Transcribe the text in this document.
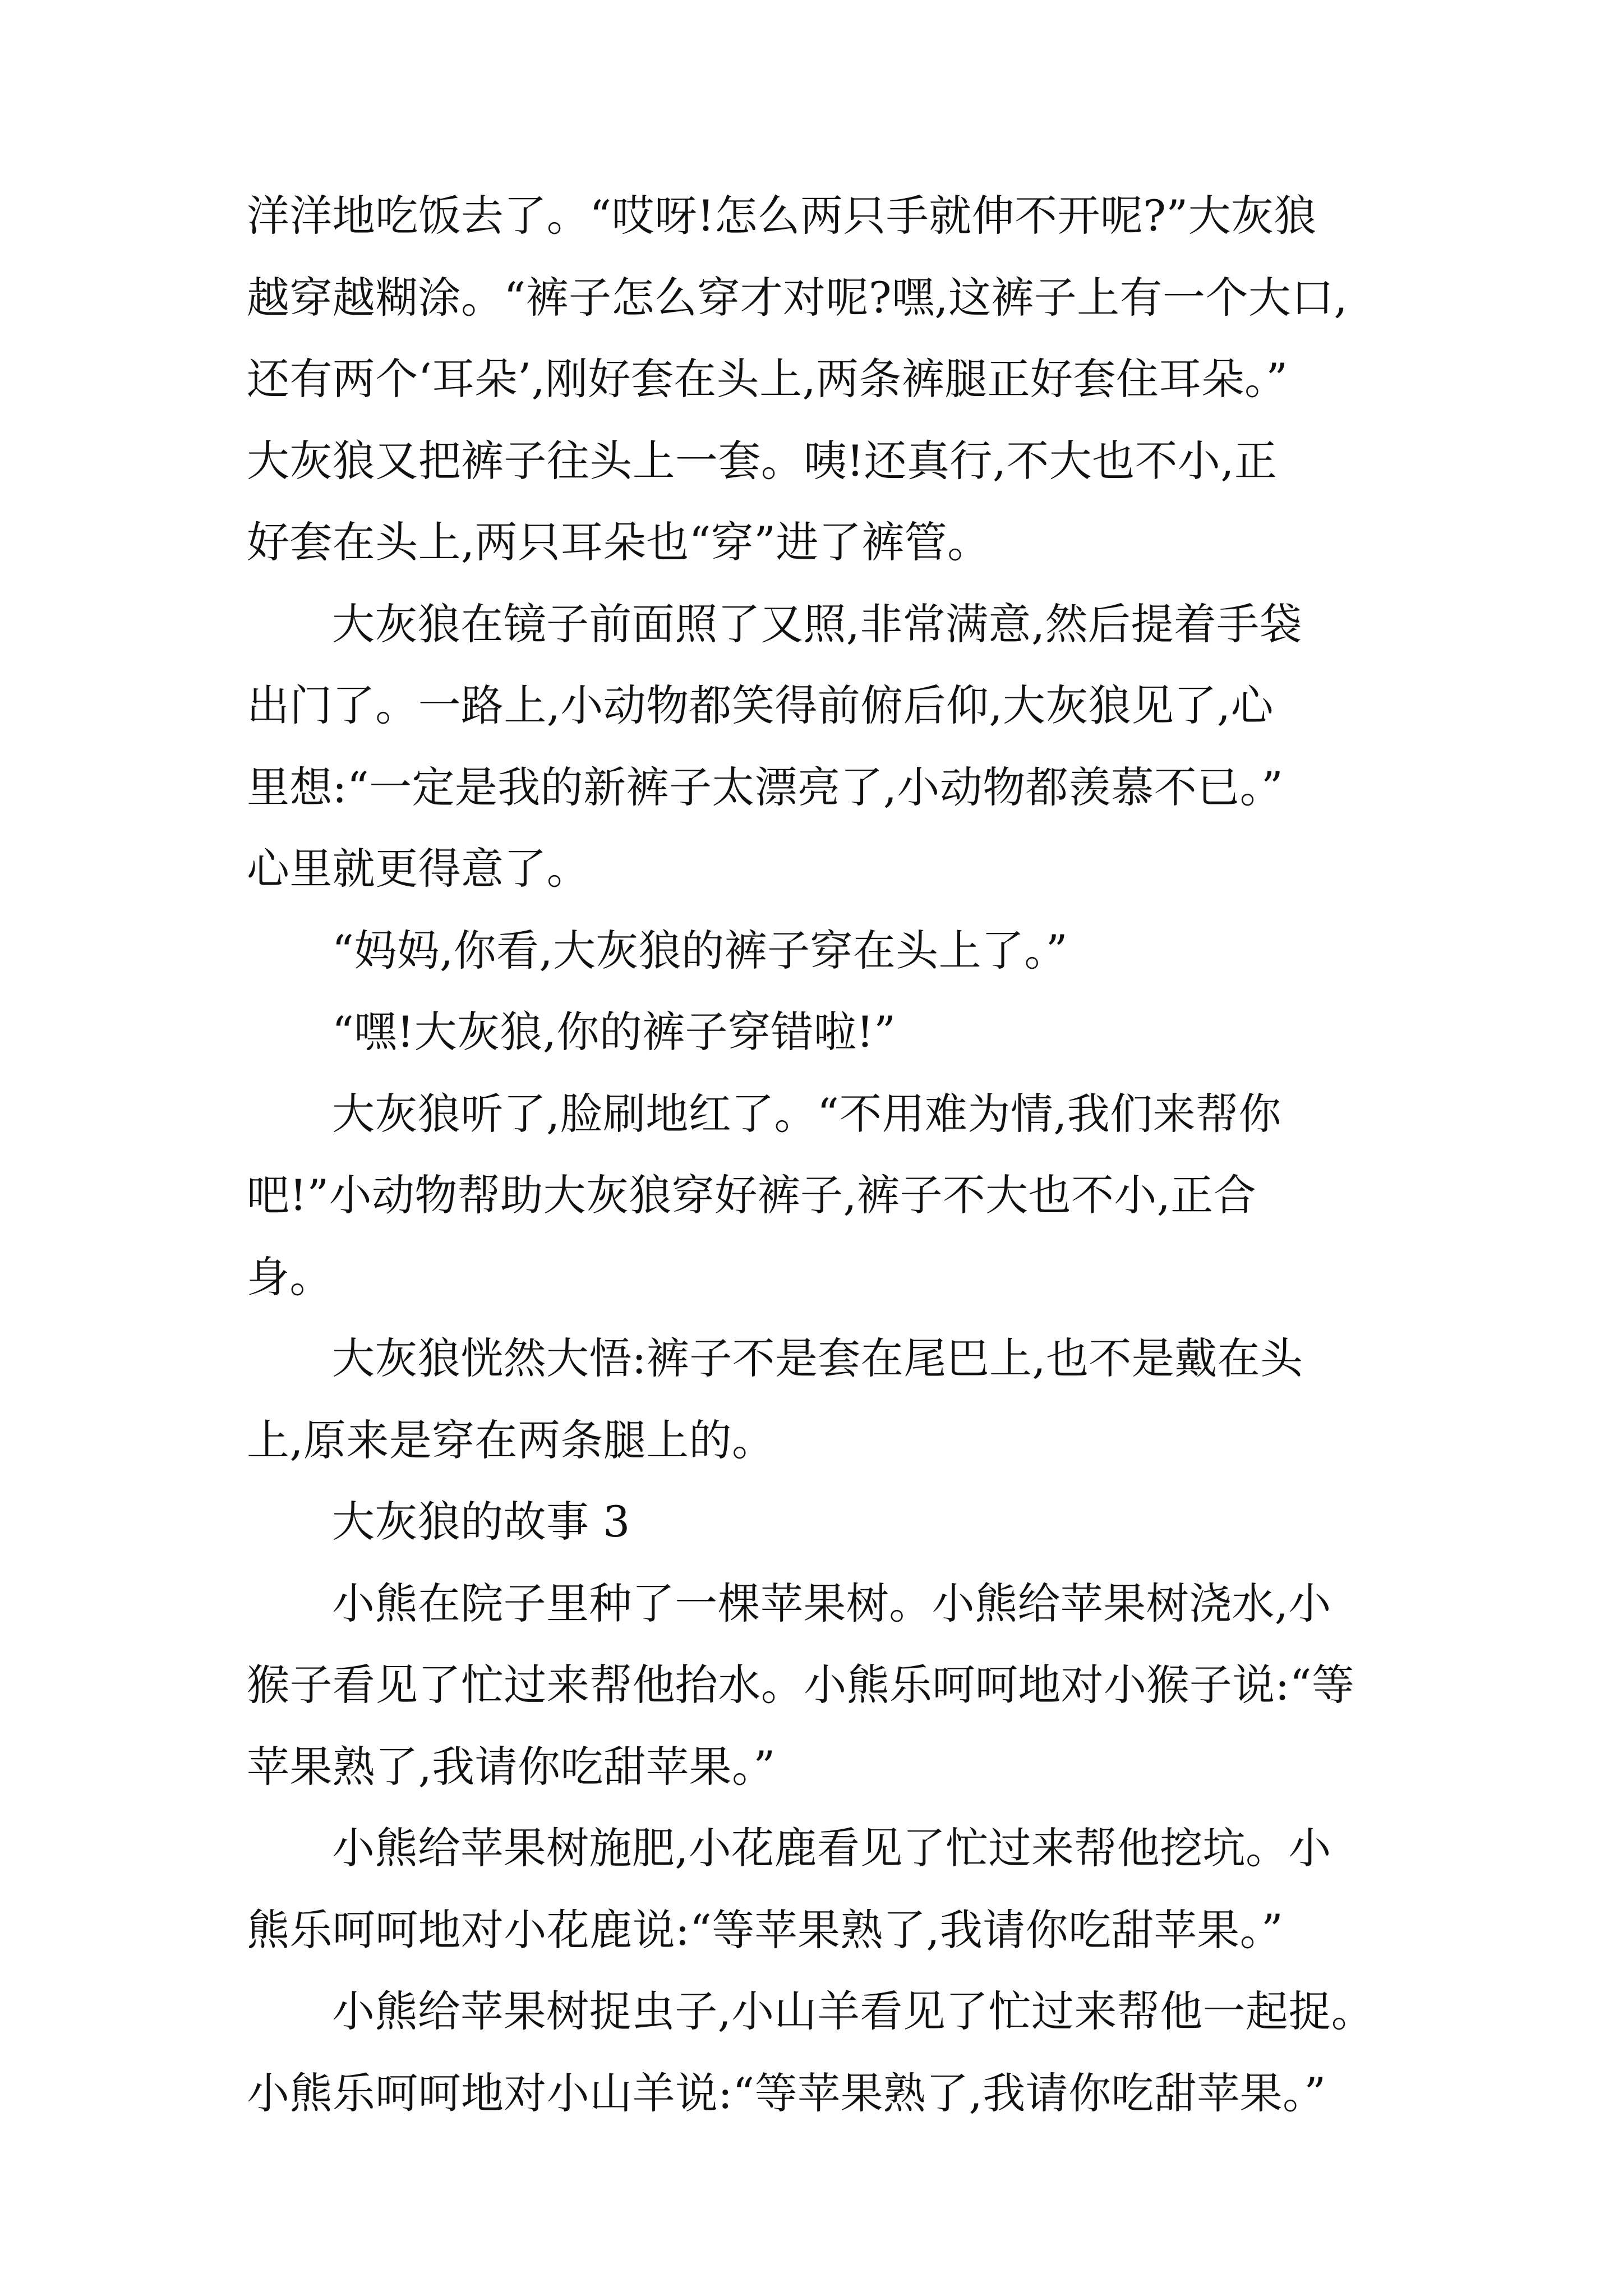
洋洋地吃饭去了。“哎呀!怎么两只手就伸不开呢?”大灰狼
越穿越糊涂。“裤子怎么穿才对呢?嘿,这裤子上有一个大口,
还有两个‘耳朵’,刚好套在头上,两条裤腿正好套住耳朵。”
大灰狼又把裤子往头上一套。咦!还真行,不大也不小,正
好套在头上,两只耳朵也“穿”进了裤管。
大灰狼在镜子前面照了又照,非常满意,然后提着手袋
出门了。一路上,小动物都笑得前俯后仰,大灰狼见了,心
里想:“一定是我的新裤子太漂亮了,小动物都羡慕不已。”
心里就更得意了。
“妈妈,你看,大灰狼的裤子穿在头上了。”
“嘿!大灰狼,你的裤子穿错啦!”
大灰狼听了,脸刷地红了。“不用难为情,我们来帮你
吧!”小动物帮助大灰狼穿好裤子,裤子不大也不小,正合
身。
大灰狼恍然大悟:裤子不是套在尾巴上,也不是戴在头
上,原来是穿在两条腿上的。
大灰狼的故事 3
小熊在院子里种了一棵苹果树。小熊给苹果树浇水,小
猴子看见了忙过来帮他抬水。小熊乐呵呵地对小猴子说:“等
苹果熟了,我请你吃甜苹果。”
小熊给苹果树施肥,小花鹿看见了忙过来帮他挖坑。小
熊乐呵呵地对小花鹿说:“等苹果熟了,我请你吃甜苹果。”
小熊给苹果树捉虫子,小山羊看见了忙过来帮他一起捉。
小熊乐呵呵地对小山羊说:“等苹果熟了,我请你吃甜苹果。”
